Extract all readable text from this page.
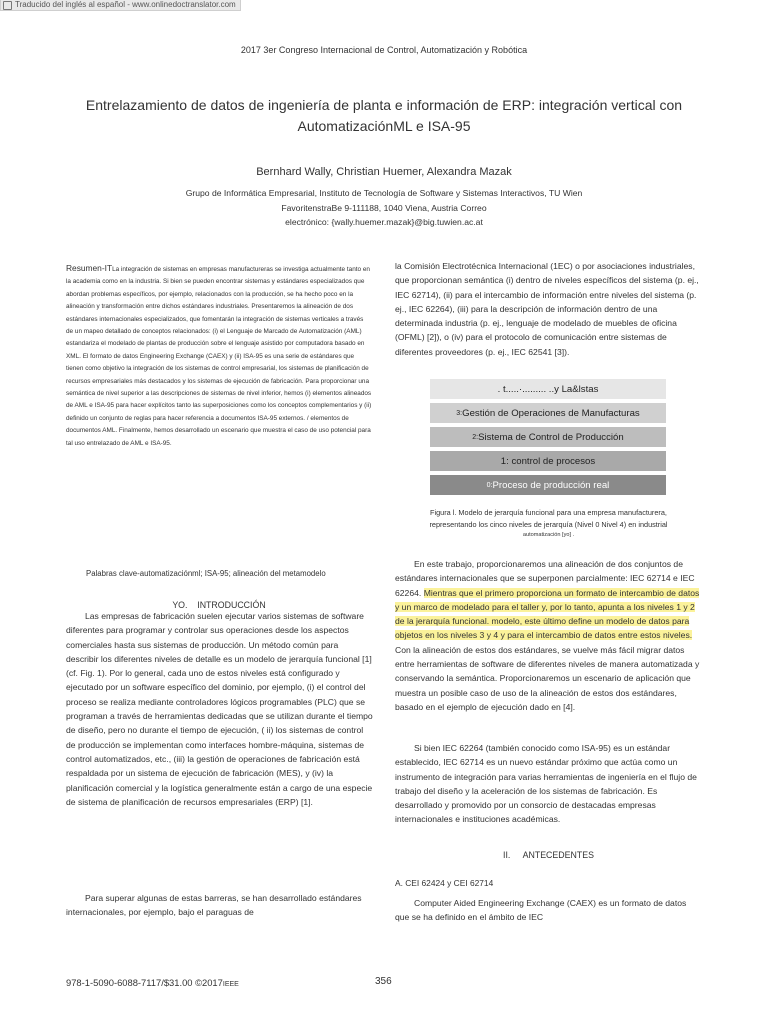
Traducido del inglés al español - www.onlinedoctranslator.com
2017 3er Congreso Internacional de Control, Automatización y Robótica
Entrelazamiento de datos de ingeniería de planta e información de ERP: integración vertical con
AutomatizaciónML e ISA-95
Bernhard Wally, Christian Huemer, Alexandra Mazak
Grupo de Informática Empresarial, Instituto de Tecnología de Software y Sistemas Interactivos, TU Wien
FavoritenstraBe 9-111188, 1040 Viena, Austria Correo
electrónico: {wally.huemer.mazak}@big.tuwien.ac.at
Resumen-ITLa integración de sistemas en empresas manufactureras se investiga actualmente tanto en la academia como en la industria. Si bien se pueden encontrar sistemas y estándares especializados que abordan problemas específicos, por ejemplo, relacionados con la producción, se ha hecho poco en la alineación y transformación entre dichos estándares industriales. Presentaremos la alineación de dos estándares internacionales especializados, que fomentarán la integración de sistemas verticales a través de un mapeo detallado de conceptos relacionados: (i) el Lenguaje de Marcado de Automatización (AML) estandariza el modelado de plantas de producción sobre el lenguaje asistido por computadora basado en XML. El formato de datos Engineering Exchange (CAEX) y (ii) ISA-95 es una serie de estándares que tienen como objetivo la integración de los sistemas de control empresarial, los sistemas de planificación de recursos empresariales más destacados y los sistemas de ejecución de fabricación. Para proporcionar una semántica de nivel superior a las descripciones de sistemas de nivel inferior, hemos (i) elementos alineados de AML e ISA-95 para hacer explícitos tanto las superposiciones como los conceptos complementarios y (ii) definido un conjunto de reglas para hacer referencia a documentos ISA-95 externos. / elementos de documentos AML. Finalmente, hemos desarrollado un escenario que muestra el caso de uso potencial para tal uso entrelazado de AML e ISA-95.
Palabras clave-automatizaciónml; ISA-95; alineación del metamodelo
YO. INTRODUCCIÓN
Las empresas de fabricación suelen ejecutar varios sistemas de software diferentes para programar y controlar sus operaciones desde los aspectos comerciales hasta sus sistemas de producción. Un método común para describir los diferentes niveles de detalle es un modelo de jerarquía funcional [1] (cf. Fig. 1). Por lo general, cada uno de estos niveles está configurado y ejecutado por un software específico del dominio, por ejemplo, (i) el control del proceso se realiza mediante controladores lógicos programables (PLC) que se programan a través de herramientas dedicadas que se utilizan durante el tiempo de diseño, pero no durante el tiempo de ejecución, ( ii) los sistemas de control de producción se implementan como interfaces hombre-máquina, sistemas de control automatizados, etc., (iii) la gestión de operaciones de fabricación está respaldada por un sistema de ejecución de fabricación (MES), y (iv) la planificación comercial y la logística generalmente están a cargo de una especie de sistema de planificación de recursos empresariales (ERP) [1].
Para superar algunas de estas barreras, se han desarrollado estándares internacionales, por ejemplo, bajo el paraguas de
la Comisión Electrotécnica Internacional (1EC) o por asociaciones industriales, que proporcionan semántica (i) dentro de niveles específicos del sistema (p. ej., IEC 62714), (ii) para el intercambio de información entre niveles del sistema (p. ej., IEC 62264), (iii) para la descripción de información dentro de una determinada industria (p. ej., lenguaje de modelado de muebles de oficina (OFML) [2]), o (iv) para el protocolo de comunicación entre sistemas de diferentes proveedores (p. ej., IEC 62541 [3]).
. t.....·......... ..y La&lstas
3: Gestión de Operaciones de Manufacturas
2: Sistema de Control de Producción
1: control de procesos
0: Proceso de producción real
Figura l. Modelo de jerarquía funcional para una empresa manufacturera,
representando los cinco niveles de jerarquía (Nivel 0 Nivel 4) en industrial
automatización [yo] .
En este trabajo, proporcionaremos una alineación de dos conjuntos de estándares internacionales que se superponen parcialmente: IEC 62714 e IEC 62264. Mientras que el primero proporciona un formato de intercambio de datos y un marco de modelado para el taller y, por lo tanto, apunta a los niveles 1 y 2 de la jerarquía funcional. modelo, este último define un modelo de datos para objetos en los niveles 3 y 4 y para el intercambio de datos entre estos niveles. Con la alineación de estos dos estándares, se vuelve más fácil migrar datos entre herramientas de software de diferentes niveles de manera automatizada y conservando la semántica. Proporcionaremos un escenario de aplicación que muestra un posible caso de uso de la alineación de estos dos estándares, basado en el ejemplo de ejecución dado en [4].
Si bien IEC 62264 (también conocido como ISA-95) es un estándar establecido, IEC 62714 es un nuevo estándar próximo que actúa como un instrumento de integración para varias herramientas de ingeniería en el flujo de trabajo del diseño y la aceleración de los sistemas de fabricación. Es desarrollado y promovido por un consorcio de destacadas empresas internacionales e instituciones académicas.
II. ANTECEDENTES
A. CEI 62424 y CEI 62714
Computer Aided Engineering Exchange (CAEX) es un formato de datos que se ha definido en el ámbito de IEC
978-1-5090-6088-7117/$31.00 ©2017IEEE	356
